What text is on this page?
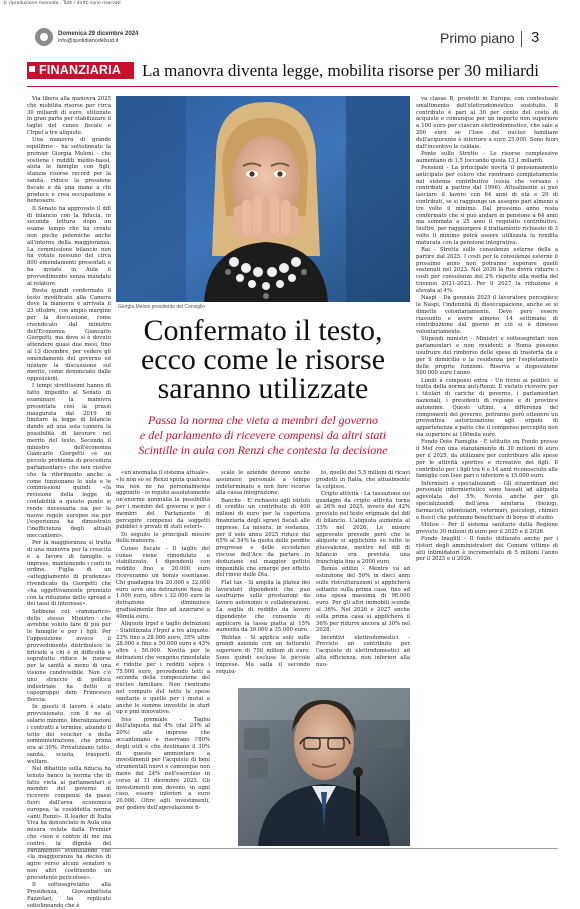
© riproduzione riservata · Tutti i diritti sono riservati
Domenica 29 dicembre 2024
info@quotidianodelsud.it	Primo piano 3
FINANZIARIA La manovra diventa legge, mobilita risorse per 30 miliardi

Via libera alla manovra 2025 che mobilita risorse per circa 30 miliardi di euro, utilizzate in gran parte per stabilizzare il taglio del cuneo fiscale e l'Irpef a tre aliquote.

Una manovra di grande equilibrio - ha sottolineato la premier Giorgia Meloni - che sostiene i redditi medio-bassi, aiuta le famiglie con figli, stanzia risorse record per la sanità, riduce la pressione fiscale e dà una mano a chi produce e crea occupazione e benessere.

Il Senato ha approvato il ddl di bilancio con la fiducia, in seconda lettura dopo un esame lampo che ha creato non poche polemiche anche all'interno della maggioranza. La commissione bilancio non ha votato nessuno dei circa 800 emendamenti presentati e ha inviato in Aula il provvedimento senza mandato al relatore.

Resta quindi confermato il testo modificato alla Camera dove la manovra è arrivata il 23 ottobre, con ampio margine per la discussione, come rivendicato dal ministro dell'Economia Giancarlo Giorgetti, ma dove si è dovuto attendere quasi due mesi, fino al 13 dicembre, per vedere gli emendamenti del governo ed iniziare la discussione sul merito, come denunciato dalle opposizioni.

I tempi strettissimi hanno di fatto impedito al Senato di esaminare la manovra presentata così la prassi inaugurata dal 2019 di limitare la legge di bilancio dando ad una sola camera la possibilità di lavorare nel merito del testo. Secondo il ministro dell'economia Giancarlo Giorgetti «è un piccolo problema di procedura parlamentare» che non risolve che fa riferimento anche a come funzionano le aule e le commissioni quindi «la revisione della legge di contabilità a questo punto si rende necessaria sia per le nuove regole europee sia per l'esperienza ha dimostrato l'inefficienza degli attuali meccanismi».

Per la maggioranza si tratta di una manovra per la crescita e a favore di famiglie e imprese, mantenendo i conti in ordine. Figlia di un «atteggiamento di prudenza» rivendicato da Giorgetti che «ha oggettivamente premiato con la riduzione dello spread e dei tassi di interesse».

Sebbene col «rammarico» dello stesso Ministro che avrebbe voluto fare di più per le famiglie e per i figli. Per l'opposizione invece il provvedimento distribuisce le briciole a chi è in difficoltà e sopratutto riduce le risorse per la sanità a meno di una visione condivisibile. Non c'è uno straccio di politica industriale ha detto il capogruppo dem Francesco Boccia.

In questi il lavoro è stato provvisionato, con il no al salario minimo, liberalizzazioni i contratti a termine, alzando il tetto dei voucher e della somministrazione, che prima era al 30%. Privatizzano tutto: sanità, scuola, trasporti, welfare.

Nel dibattito sulla fiducia ha tenuto banco la norma che di fatto vieta ai parlamentari e membri del governo di ricevere compensi da paesi fuori dall'area economica europea, la cosiddetta norma «anti Renzi». Il leader di Italia Viva ha denunciato in Aula una misura voluta dalla Premier che «non è contro di me ma contro la dignità del Parlamento» sventolando che «la maggioranza ha deciso di agire verso alcuni senatori e non altri costituendo un precedente pericoloso».

Il sottosegretario alla Presidenza, Giovanbattista Fazzolari, ha replicato sottolineando che è

Giorgia Meloni presidente del Consiglio
Confermato il testo, ecco come le risorse saranno utilizzate
Passa la norma che vieta a membri del governo
e del parlamento di ricevere compensi da altri stati
Scintille in aula con Renzi che contesta la decisione

«un'anomalia il sistema attuale». «Io non so se Renzi sputa qualcosa ma non ne ho personalmente aggiunto - io reputo assolutamente un'enorme anomalia la possibilità per i membri del governo e per i membri del Parlamento di percepire compensi da soggetti pubblici o privati di stati esteri».

Di seguito le principali misure della manovra.

Cuneo fiscale - Il taglio del cuneo viene rimodulato e stabilizzato. I dipendenti con reddito fino a 20.000 euro riceveranno un bonus esentasse. Chi guadagna tra 20.000 e 32.000 euro avrà una detrazione fissa di 1.000 euro, oltre i 32.000 euro la detrazione diminuisce gradualmente fino ad azzerarsi a 40mila euro.

Aliquote Irpef e taglio detrazioni - Stabilizzata l'Irpef a tre aliquote: 23% fino a 28.000 euro, 35% oltre 28.000 e fino a 50.000 euro e 43% oltre i 50.000. Novità per le detrazioni che vengono rimodulate e ridotte per i redditi sopra i 75.000 euro, prevedendo tetti a seconda della composizione del nucleo familiare. Non rientrano nel computo del tetto le spese sanitarie e quelle per i mutui e anche le somme investite in start up e pmi innovative.

Ires premiale - Taglio dell'aliquota dal 4% (dal 24% al 20%) alle imprese che accantonano e riservano l'80% degli utili e che destinano il 30% di questo ammontare a investimenti per l'acquisto di beni strumentali nuovi e comunque non meno del 24% nell'esercizio in corso al 31 dicembre 2023. Gli investimenti non devono, in ogni caso, essere inferiori a euro 20.000. Oltre agli investimenti, per godere dell'agevolazione fi-

scale le aziende devono anche assumere personale a tempo indeterminato e non fare ricorso alla cassa integrazione.

Banche - E' richiesto agli istituti di credito un contributo di 400 milioni di euro per la copertura finanziaria degli sgravi fiscali alle imprese. La misura, in sostanza, per il solo anno 2025 riduce dal 65% al 54% la quota delle perdite pregresse e delle eccedenze riscuse dell'Ace da portare in deduzione sul maggior gettito imponibile che emerge per effetto del rinvio delle Dta.

Flat tax - Si amplia la platea dei lavoratori dipendenti che può usufruirne sulle prestazioni da lavoro autonomo o collaborazioni. La soglia di reddito da lavoro dipendente che consente di applicare la tassa piatta al 15% aumenta da 30.000 a 35.000 euro.

Webtax - Si applica solo sulle grandi aziende con un fatturato superiore di 750 milioni di euro. Sono quindi escluse le piccole imprese. Ma salta il secondo requisi-

to, quello dei 5,5 milioni di ricavi prodotti in Italia, che attualmente la colpisce.

Cripto attività - La tassazione sui guadagni da cripto attività torna al 26% nel 2025, invece del 42% previsto nel testo originale del ddl di bilancio. L'aliquota aumenta al 33% nel 2026. Le misure approvate prevede però che le aliquote si applichino su tutte le plusvalenze, mentre nel ddl di bilancio era prevista una franchigia fino a 2000 euro.

Bonus edilizi - Mentre va ad estinzione del 50% in dieci anni sulle ristrutturazioni si applicherà soltanto sulla prima casa, fino ad una spesa massima di 96.000 euro. Per gli altri immobili scende al 36%. Nel 2026 e 2027 anche sulla prima casa si applicherà il 36% per ridurre ancora al 30% nel 2028.

Incentivi elettrodomestici - Previsto un contributo per l'acquisto di elettrodomestici ad alta efficienza, non inferiori alla nuo-

Matteo Renzi

va classe B, prodotti in Europa, con contestuale smaltimento dell'elettrodomestico sostituito. Il contributo è pari al 30 per cento del costo di acquisto e comunque per un importo non superiore a 100 euro per ciascun elettrodomestico, che sale a 200 euro se l'Isee del nucleo familiare dell'acquirente è inferiore a euro 25.000. Sono fuori dall'incentivo le caldaie.

Ponte sullo Stretto - Le risorse complessive aumentano di 1,5 toccando quota 13,1 miliardi.

Pensioni - La principale novità il pensionamento anticipato per coloro che rientrano completamente nel sistema contributivo (ossia che versano i contributi a partire dal 1996). Attualmente si può lasciare il lavoro con 64 anni di età e 20 di contributi, se si raggiunge un assegno pari almeno a tre volte il minimo. Dal prossimo anno resta confermato che si può andare in pensione a 64 anni ma sommata a 25 anni il requisito contributivo. Inoltre, per raggiungere il trattamento richiesto di 3 volte il minimo potrà essere utilizzata la rendita maturata con la pensione integrativa.

Rai - Stretta sulle consulenze esterne della a partire dal 2025. I costi per le consulenze esterne il prossimo anno non potranno superare quelli sostenuti nel 2023. Nel 2026 la Rai dovrà ridurre i costi per consulenze del 2% rispetto alla media del triennio 2021-2023. Per il 2027 la riduzione è elevata al 4%.

Naspi - Da gennaio 2025 il lavoratore percepisce la Naspi, l'indennità di disoccupazione, anche se si dimette volontariamente. Deve però essere riassunto e avere almeno 14 settimane di contribuzione dal giorno in cui si è dimesso volontariamente.

Stipendi ministri - Ministri e sottosegretari non parlamentari e non residenti a Roma possono usufruire del rimborso delle spese di trasferta da e per il domicilio o la residenza per l'espletamento delle proprie funzioni. Riserva a disposizione 500.000 euro l'anno.

Limiti a compensi extra - Un freno ai politici: si tratta della norma anti-Renzi. È vietato ricevere per i titolari di cariche di governo, i parlamentari nazionali, i presidenti di regione e di province autonome. Questi ultimi, a differenza del componenti del governo, potranno però ottenere un preventiva autorizzazione agli organi di appartenenza a patto che il compenso percepito non sia superiore ai 100mila euro.

Fondo Dote Famiglia - È istituito un Fondo presso il Mef con una stanziamento di 30 milioni di euro per il 2025, da utilizzare per contribuire alle spese per le attività sportive e ricreative dei figli. Il contributo per i figli tra 6 e 14 anni riconosciuto alle famiglie con Isee pari o inferiore a 15.000 euro.

Infermieri e specializzandi - Gli straordinari del personale infermieristico sono tassati ad aliquota agevolata del 5%. Novità anche per gli specializzandi dell'area sanitaria (biologi, farmacisti, odontoiatri, veterinari, psicologi, chimici e fisici) che potranno beneficiare di borse di studio.

Molise - Per il sistema sanitario della Regione previsto 30 milioni di euro per il 2025 e il 2026.

Fondo Inagliti - Il fondo utilizzato anche per i ristori degli amministratori dei Comuni vittime di atti intimidatori è incrementato di 5 milioni l'anno per il 2025 e il 2026.
